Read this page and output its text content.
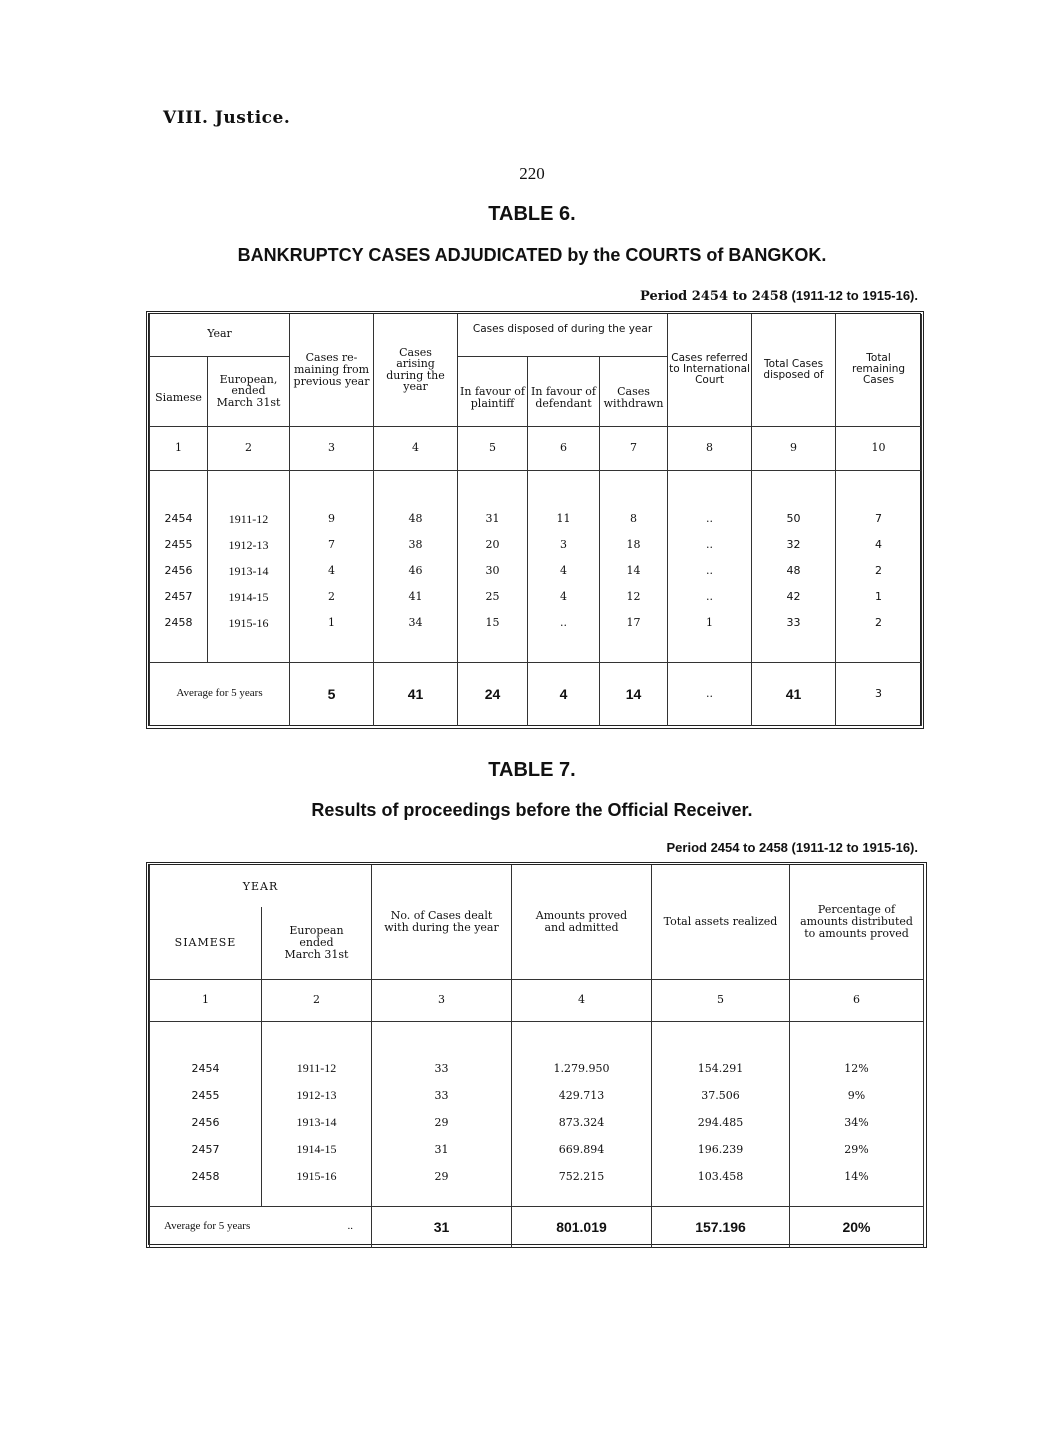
VIII. Justice.
220
TABLE 6.
BANKRUPTCY CASES ADJUDICATED by the COURTS of BANGKOK.
Period 2454 to 2458 (1911-12 to 1915-16).
Year		Cases re-maining from previous year	Cases arising during the year	Cases disposed of during the year			Cases referred to International Court	Total Cases disposed of	Total remaining Cases
Siamese	European, ended March 31st			In favour of plaintiff	In favour of defendant	Cases withdrawn			
1	2	3	4	5	6	7	8	9	10

2454	1911-12	9	48	31	11	8	..	50	7
2455	1912-13	7	38	20	3	18	..	32	4
2456	1913-14	4	46	30	4	14	..	48	2
2457	1914-15	2	41	25	4	12	..	42	1
2458	1915-16	1	34	15	..	17	1	33	2

Average for 5 years		5	41	24	4	14	..	41	3
TABLE 7.
Results of proceedings before the Official Receiver.
Period 2454 to 2458 (1911-12 to 1915-16).
YEAR		No. of Cases dealt with during the year	Amounts proved and admitted	Total assets realized	Percentage of amounts distributed to amounts proved
SIAMESE	European ended March 31st				
1	2	3	4	5	6

2454	1911-12	33	1.279.950	154.291	12%
2455	1912-13	33	429.713	37.506	9%
2456	1913-14	29	873.324	294.485	34%
2457	1914-15	31	669.894	196.239	29%
2458	1915-16	29	752.215	103.458	14%

Average for 5 years ..		31	801.019	157.196	20%
